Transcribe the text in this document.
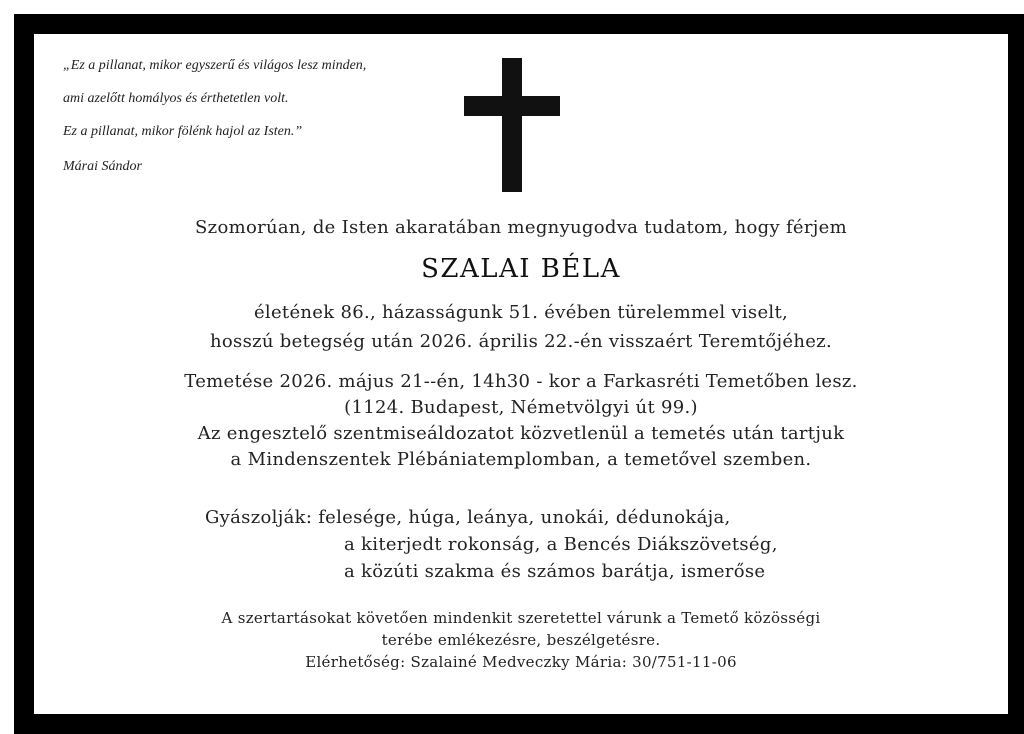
„Ez a pillanat, mikor egyszerű és világos lesz minden,
ami azelőtt homályos és érthetetlen volt.
Ez a pillanat, mikor fölénk hajol az Isten.”
Márai Sándor
Szomorúan, de Isten akaratában megnyugodva tudatom, hogy férjem
SZALAI BÉLA
életének 86., házasságunk 51. évében türelemmel viselt,
hosszú betegség után 2026. április 22.-én visszaért Teremtőjéhez.
Temetése 2026. május 21--én, 14h30 - kor a Farkasréti Temetőben lesz.
(1124. Budapest, Németvölgyi út 99.)
Az engesztelő szentmiseáldozatot közvetlenül a temetés után tartjuk
a Mindenszentek Plébániatemplomban, a temetővel szemben.
Gyászolják: felesége, húga, leánya, unokái, dédunokája,
a kiterjedt rokonság, a Bencés Diákszövetség,
a közúti szakma és számos barátja, ismerőse
A szertartásokat követően mindenkit szeretettel várunk a Temető közösségi
terébe emlékezésre, beszélgetésre.
Elérhetőség: Szalainé Medveczky Mária: 30/751-11-06
